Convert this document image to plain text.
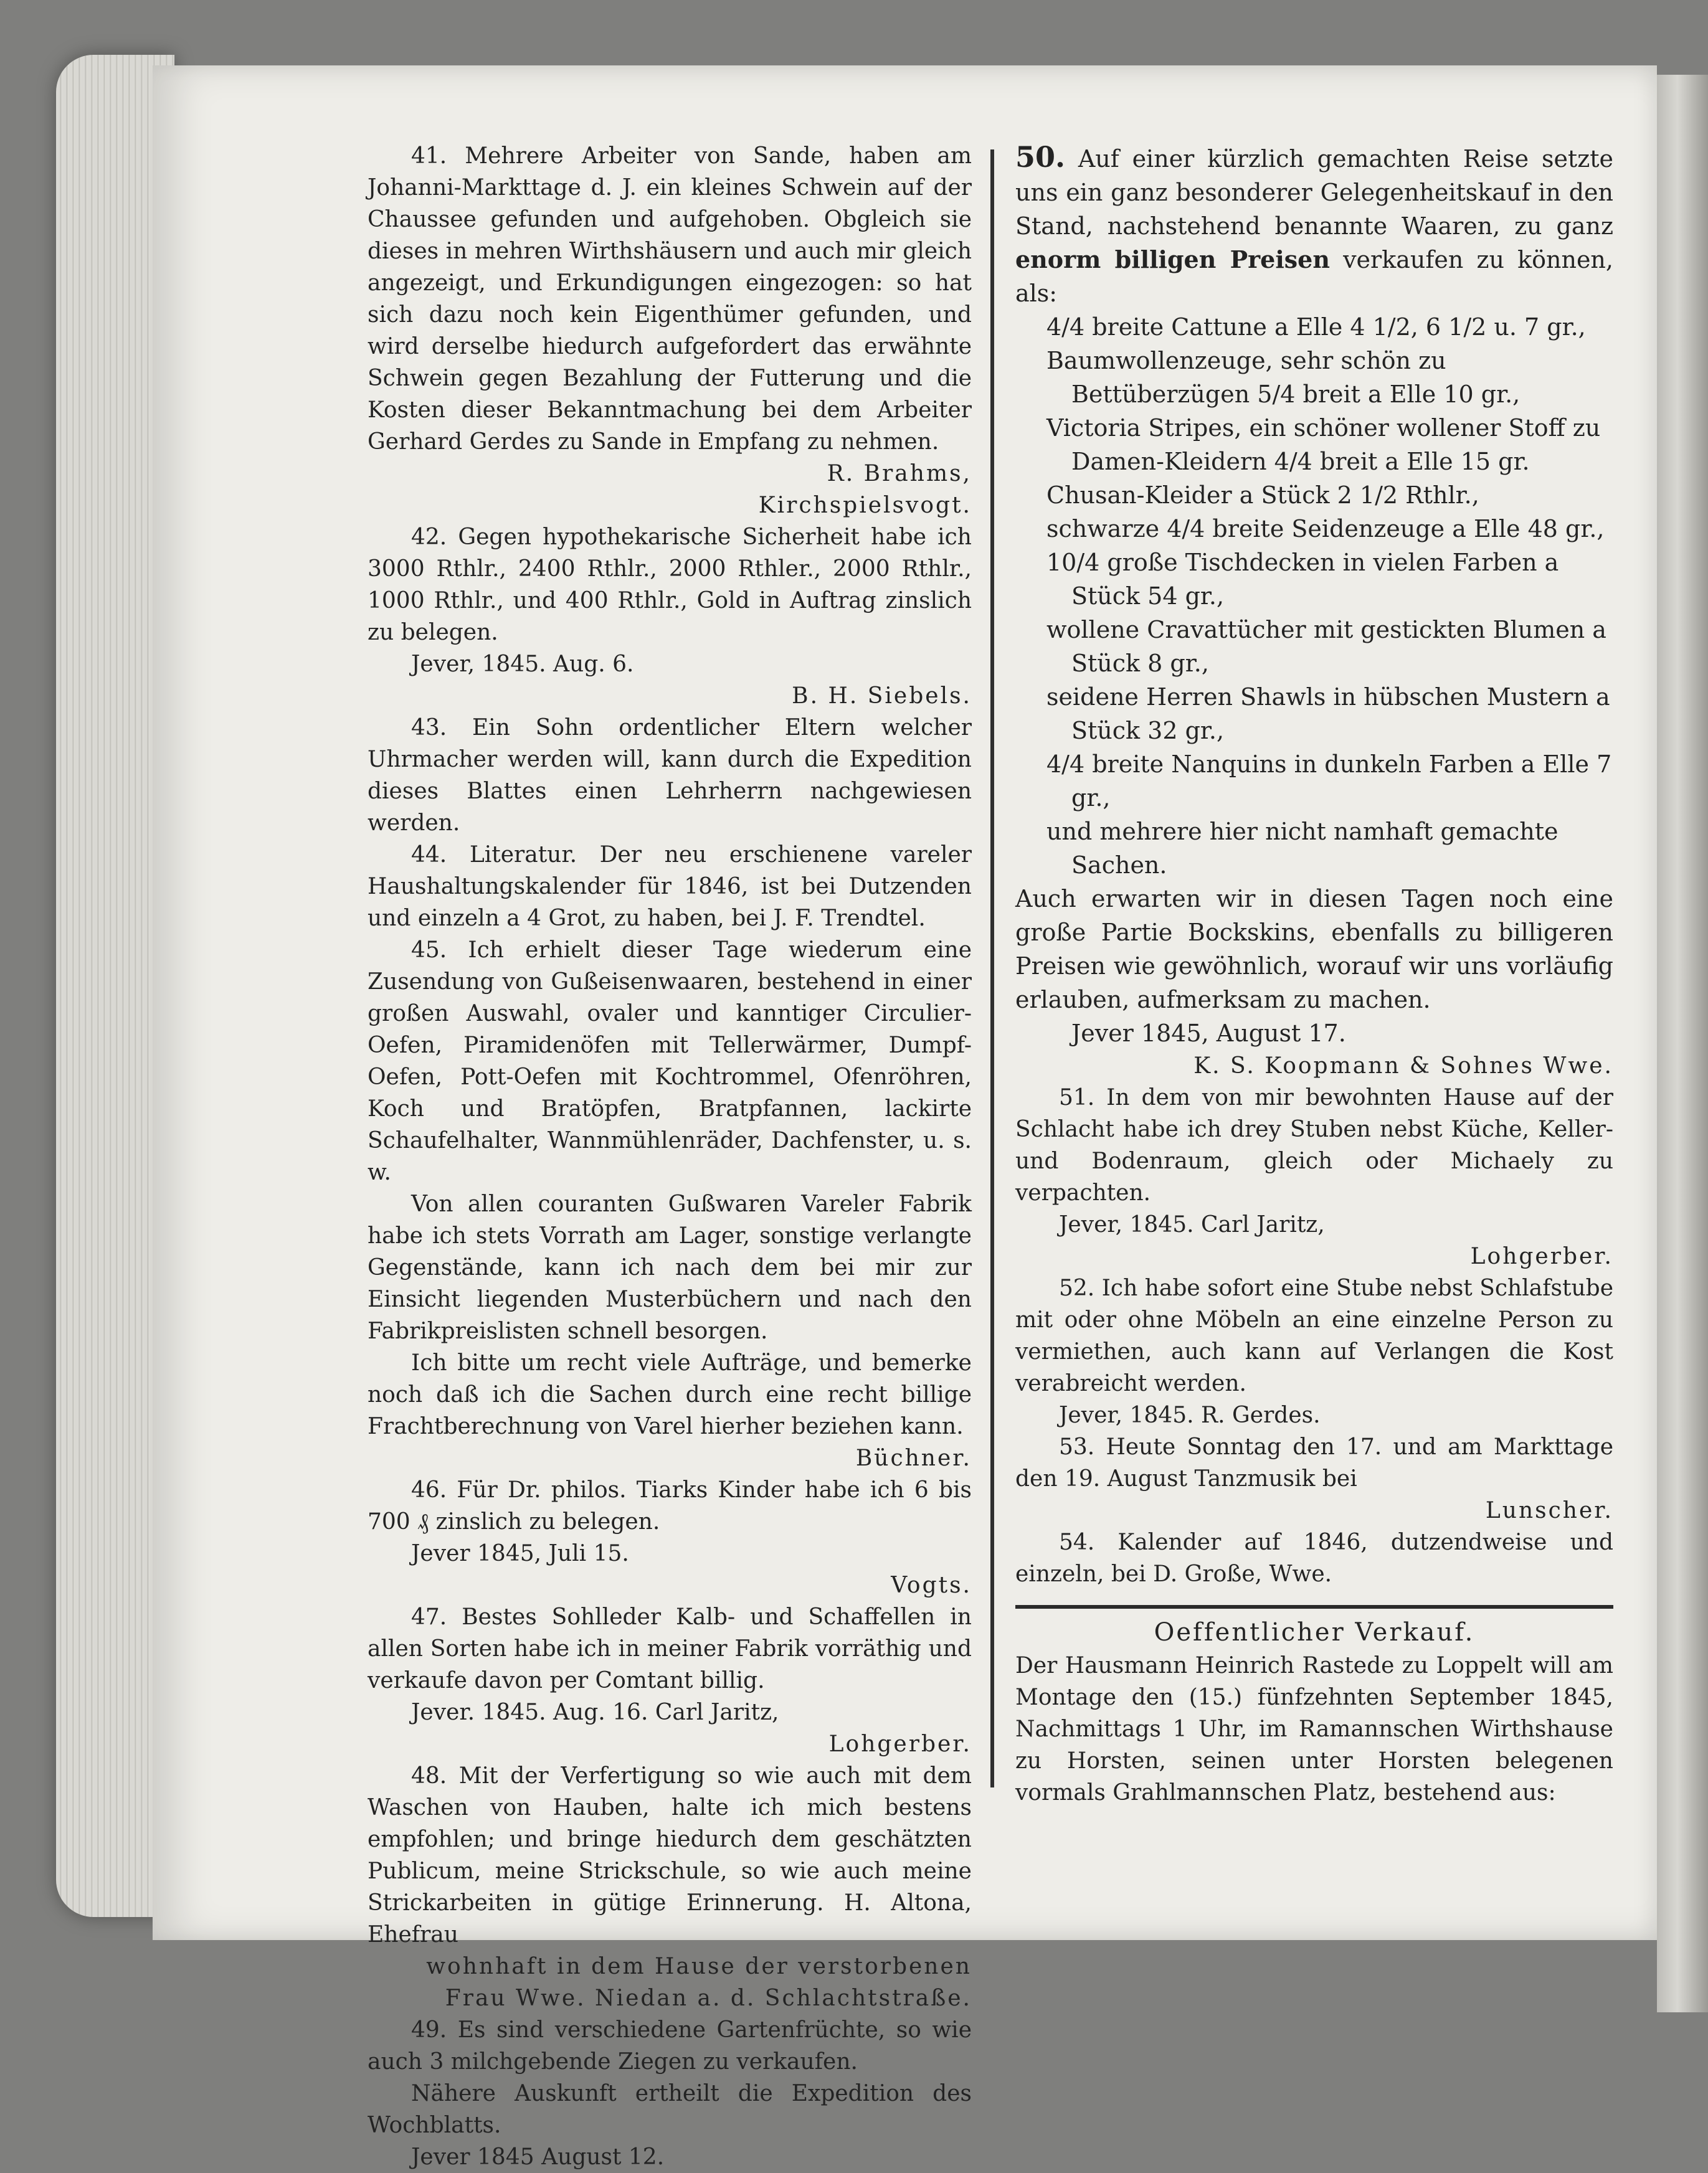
41. Mehrere Arbeiter von Sande, haben am Johanni-Markttage d. J. ein kleines Schwein auf der Chaussee gefunden und aufgehoben. Obgleich sie dieses in mehren Wirthshäusern und auch mir gleich angezeigt, und Erkundigungen eingezogen: so hat sich dazu noch kein Eigenthümer gefunden, und wird derselbe hiedurch aufgefordert das erwähnte Schwein gegen Bezahlung der Futterung und die Kosten dieser Bekanntmachung bei dem Arbeiter Gerhard Gerdes zu Sande in Empfang zu nehmen.

R. Brahms,

Kirchspielsvogt.

42. Gegen hypothekarische Sicherheit habe ich 3000 Rthlr., 2400 Rthlr., 2000 Rthler., 2000 Rthlr., 1000 Rthlr., und 400 Rthlr., Gold in Auftrag zinslich zu belegen.

Jever, 1845. Aug. 6.

B. H. Siebels.

43. Ein Sohn ordentlicher Eltern welcher Uhrmacher werden will, kann durch die Expedition dieses Blattes einen Lehrherrn nachgewiesen werden.

44. Literatur. Der neu erschienene vareler Haushaltungskalender für 1846, ist bei Dutzenden und einzeln a 4 Grot, zu haben, bei J. F. Trendtel.

45. Ich erhielt dieser Tage wiederum eine Zusendung von Gußeisenwaaren, bestehend in einer großen Auswahl, ovaler und kanntiger Circulier-Oefen, Piramidenöfen mit Tellerwärmer, Dumpf-Oefen, Pott-Oefen mit Kochtrommel, Ofenröhren, Koch und Bratöpfen, Bratpfannen, lackirte Schaufelhalter, Wannmühlenräder, Dachfenster, u. s. w.

Von allen couranten Gußwaren Vareler Fabrik habe ich stets Vorrath am Lager, sonstige verlangte Gegenstände, kann ich nach dem bei mir zur Einsicht liegenden Musterbüchern und nach den Fabrikpreislisten schnell besorgen.

Ich bitte um recht viele Aufträge, und bemerke noch daß ich die Sachen durch eine recht billige Frachtberechnung von Varel hierher beziehen kann.

Büchner.

46. Für Dr. philos. Tiarks Kinder habe ich 6 bis 700 ₰ zinslich zu belegen.

Jever 1845, Juli 15.

Vogts.

47. Bestes Sohlleder Kalb- und Schaffellen in allen Sorten habe ich in meiner Fabrik vorräthig und verkaufe davon per Comtant billig.

Jever. 1845. Aug. 16. Carl Jaritz,

Lohgerber.

48. Mit der Verfertigung so wie auch mit dem Waschen von Hauben, halte ich mich bestens empfohlen; und bringe hiedurch dem geschätzten Publicum, meine Strickschule, so wie auch meine Strickarbeiten in gütige Erinnerung. H. Altona, Ehefrau

wohnhaft in dem Hause der verstorbenen

Frau Wwe. Niedan a. d. Schlachtstraße.

49. Es sind verschiedene Gartenfrüchte, so wie auch 3 milchgebende Ziegen zu verkaufen.

Nähere Auskunft ertheilt die Expedition des Wochblatts.

Jever 1845 August 12.

50. Auf einer kürzlich gemachten Reise setzte uns ein ganz besonderer Gelegenheitskauf in den Stand, nachstehend benannte Waaren, zu ganz enorm billigen Preisen verkaufen zu können, als:

4/4 breite Cattune a Elle 4 1/2, 6 1/2 u. 7 gr.,

Baumwollenzeuge, sehr schön zu Bettüberzügen 5/4 breit a Elle 10 gr.,

Victoria Stripes, ein schöner wollener Stoff zu Damen-Kleidern 4/4 breit a Elle 15 gr.

Chusan-Kleider a Stück 2 1/2 Rthlr.,

schwarze 4/4 breite Seidenzeuge a Elle 48 gr.,

10/4 große Tischdecken in vielen Farben a Stück 54 gr.,

wollene Cravattücher mit gestickten Blumen a Stück 8 gr.,

seidene Herren Shawls in hübschen Mustern a Stück 32 gr.,

4/4 breite Nanquins in dunkeln Farben a Elle 7 gr.,

und mehrere hier nicht namhaft gemachte Sachen.

Auch erwarten wir in diesen Tagen noch eine große Partie Bockskins, ebenfalls zu billigeren Preisen wie gewöhnlich, worauf wir uns vorläufig erlauben, aufmerksam zu machen.

Jever 1845, August 17.

K. S. Koopmann & Sohnes Wwe.

51. In dem von mir bewohnten Hause auf der Schlacht habe ich drey Stuben nebst Küche, Keller- und Bodenraum, gleich oder Michaely zu verpachten.

Jever, 1845. Carl Jaritz,

Lohgerber.

52. Ich habe sofort eine Stube nebst Schlafstube mit oder ohne Möbeln an eine einzelne Person zu vermiethen, auch kann auf Verlangen die Kost verabreicht werden.

Jever, 1845. R. Gerdes.

53. Heute Sonntag den 17. und am Markttage den 19. August Tanzmusik bei

Lunscher.

54. Kalender auf 1846, dutzendweise und einzeln, bei D. Große, Wwe.

Oeffentlicher Verkauf.

Der Hausmann Heinrich Rastede zu Loppelt will am Montage den (15.) fünfzehnten September 1845, Nachmittags 1 Uhr, im Ramannschen Wirthshause zu Horsten, seinen unter Horsten belegenen vormals Grahlmannschen Platz, bestehend aus:
